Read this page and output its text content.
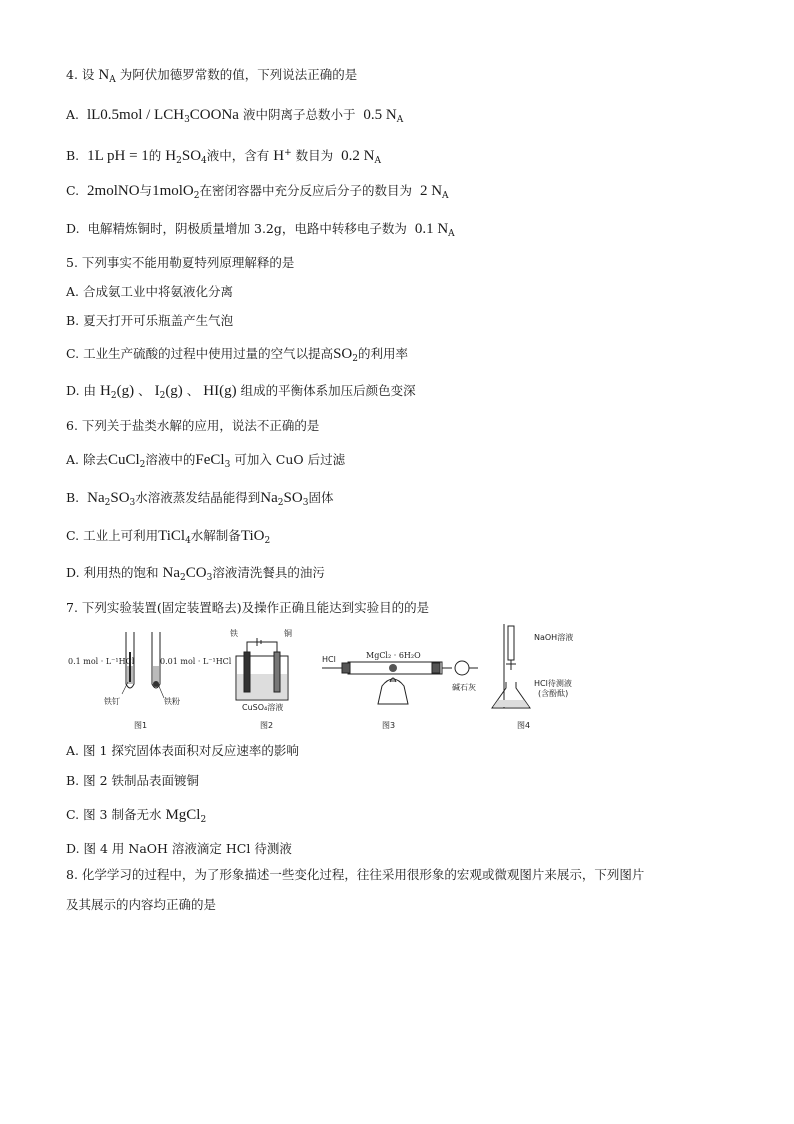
4. 设 $N_A$ 为阿伏加德罗常数的值，下列说法正确的是
A. $lL0.5mol / LCH_3COONa$ 液中阴离子总数小于 0.5 $N_A$
B. 1L pH = 1的 $H_2SO_4$液中，含有 H+ 数目为 0.2 $N_A$
C. 2molNO与1molO$_2$在密闭容器中充分反应后分子的数目为 2 $N_A$
D. 电解精炼铜时，阴极质量增加 3.2g，电路中转移电子数为 0.1 $N_A$
5. 下列事实不能用勒夏特列原理解释的是
A. 合成氨工业中将氨液化分离
B. 夏天打开可乐瓶盖产生气泡
C. 工业生产硫酸的过程中使用过量的空气以提高$SO_2$的利用率
D. 由 $H_2(g)$ 、 $I_2(g)$ 、 HI(g) 组成的平衡体系加压后颜色变深
6. 下列关于盐类水解的应用，说法不正确的是
A. 除去CuCl$_2$溶液中的FeCl$_3$ 可加入 CuO 后过滤
B. $Na_2SO_3$水溶液蒸发结晶能得到$Na_2SO_3$固体
C. 工业上可利用TiCl$_4$水解制备TiO$_2$
D. 利用热的饱和 $Na_2CO_3$溶液清洗餐具的油污
7. 下列实验装置(固定装置略去)及操作正确且能达到实验目的的是
0.1 mol · L⁻¹HCl	0.01 mol · L⁻¹HCl
铁钉	铁粉
图1
铁	铜
CuSO₄溶液
图2
HCl	MgCl₂ · 6H₂O
碱石灰
图3
NaOH溶液
HCl待测液
(含酚酞)
图4
A. 图 1 探究固体表面积对反应速率的影响
B. 图 2 铁制品表面镀铜
C. 图 3 制备无水 MgCl$_2$
D. 图 4 用 NaOH 溶液滴定 HCl 待测液
8. 化学学习的过程中，为了形象描述一些变化过程，往往采用很形象的宏观或微观图片来展示，下列图片
及其展示的内容均正确的是
